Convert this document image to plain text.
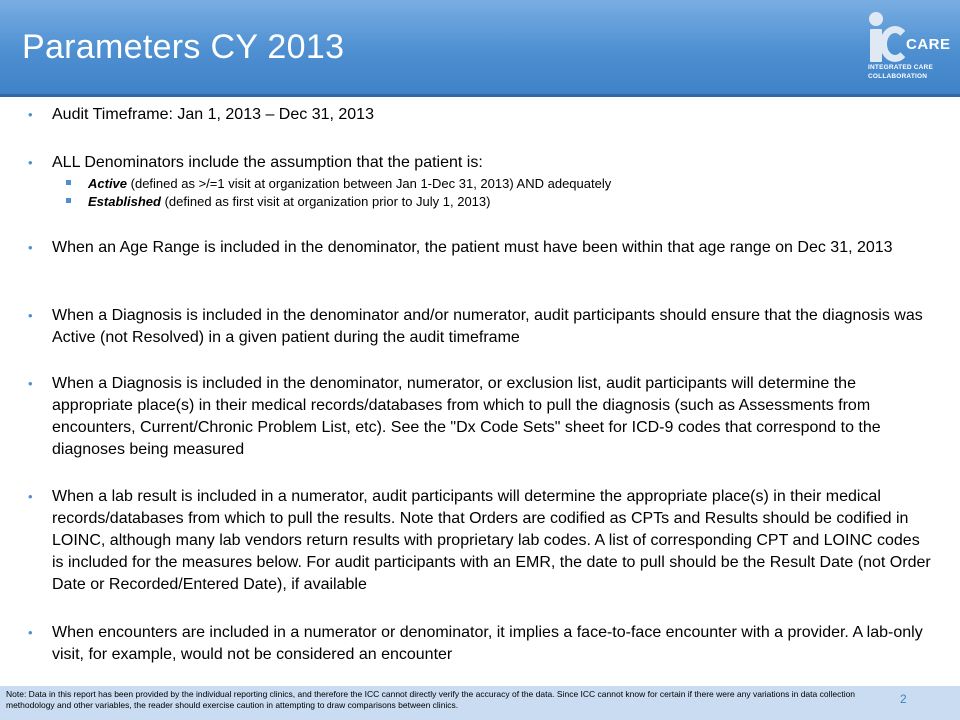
Parameters CY 2013	CARE
INTEGRATED CARE
COLLABORATION
• Audit Timeframe: Jan 1, 2013 – Dec 31, 2013
• ALL Denominators include the assumption that the patient is:
Active (defined as >/=1 visit at organization between Jan 1-Dec 31, 2013) AND adequately
Established (defined as first visit at organization prior to July 1, 2013)
• When an Age Range is included in the denominator, the patient must have been within that age range on Dec 31, 2013
• When a Diagnosis is included in the denominator and/or numerator, audit participants should ensure that the diagnosis was Active (not Resolved) in a given patient during the audit timeframe
• When a Diagnosis is included in the denominator, numerator, or exclusion list, audit participants will determine the appropriate place(s) in their medical records/databases from which to pull the diagnosis (such as Assessments from encounters, Current/Chronic Problem List, etc). See the "Dx Code Sets" sheet for ICD-9 codes that correspond to the diagnoses being measured
• When a lab result is included in a numerator, audit participants will determine the appropriate place(s) in their medical records/databases from which to pull the results. Note that Orders are codified as CPTs and Results should be codified in LOINC, although many lab vendors return results with proprietary lab codes. A list of corresponding CPT and LOINC codes is included for the measures below. For audit participants with an EMR, the date to pull should be the Result Date (not Order Date or Recorded/Entered Date), if available
• When encounters are included in a numerator or denominator, it implies a face-to-face encounter with a provider. A lab-only visit, for example, would not be considered an encounter
Note: Data in this report has been provided by the individual reporting clinics, and therefore the ICC cannot directly verify the accuracy of the data. Since ICC cannot know for certain if there were any variations in data collection methodology and other variables, the reader should exercise caution in attempting to draw comparisons between clinics.	2
